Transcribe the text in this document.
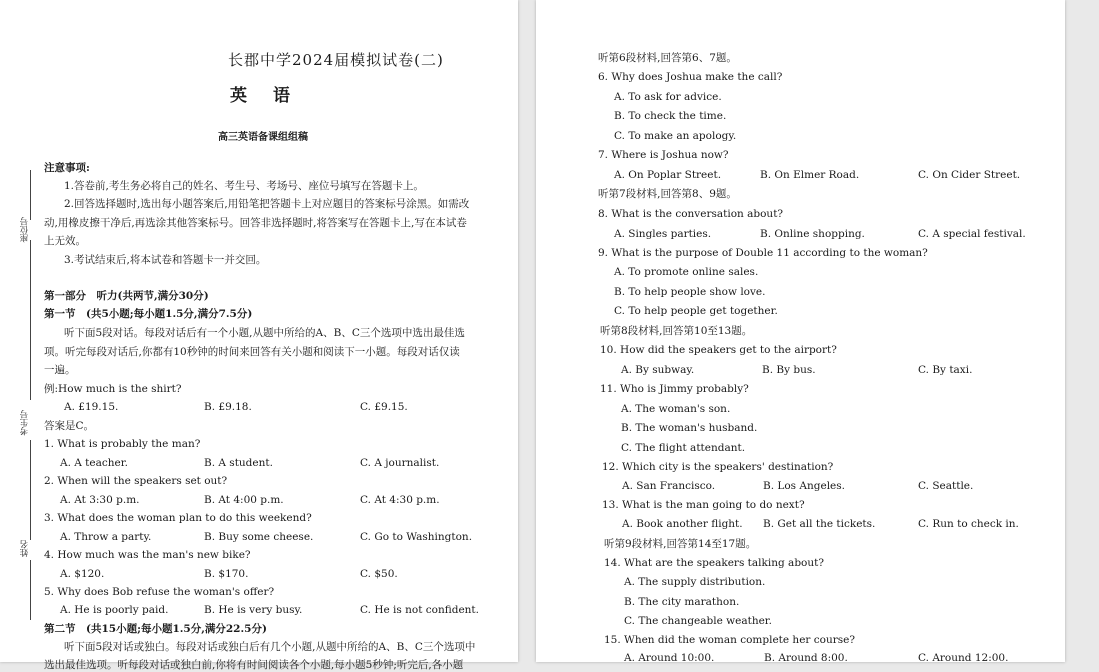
长郡中学2024届模拟试卷(二)
英语
高三英语备课组组稿
座位号
考生号
姓名
注意事项:
1.答卷前,考生务必将自己的姓名、考生号、考场号、座位号填写在答题卡上。
2.回答选择题时,选出每小题答案后,用铅笔把答题卡上对应题目的答案标号涂黑。如需改
动,用橡皮擦干净后,再选涂其他答案标号。回答非选择题时,将答案写在答题卡上,写在本试卷
上无效。
3.考试结束后,将本试卷和答题卡一并交回。
第一部分　听力(共两节,满分30分)
第一节　(共5小题;每小题1.5分,满分7.5分)
听下面5段对话。每段对话后有一个小题,从题中所给的A、B、C三个选项中选出最佳选
项。听完每段对话后,你都有10秒钟的时间来回答有关小题和阅读下一小题。每段对话仅读
一遍。
例:How much is the shirt?
A. £19.15.	B. £9.18.	C. £9.15.
答案是C。
1. What is probably the man?
A. A teacher.	B. A student.	C. A journalist.
2. When will the speakers set out?
A. At 3:30 p.m.	B. At 4:00 p.m.	C. At 4:30 p.m.
3. What does the woman plan to do this weekend?
A. Throw a party.	B. Buy some cheese.	C. Go to Washington.
4. How much was the man's new bike?
A. $120.	B. $170.	C. $50.
5. Why does Bob refuse the woman's offer?
A. He is poorly paid.	B. He is very busy.	C. He is not confident.
第二节　(共15小题;每小题1.5分,满分22.5分)
听下面5段对话或独白。每段对话或独白后有几个小题,从题中所给的A、B、C三个选项中
选出最佳选项。听每段对话或独白前,你将有时间阅读各个小题,每小题5秒钟;听完后,各小题
听第6段材料,回答第6、7题。
6. Why does Joshua make the call?
A. To ask for advice.
B. To check the time.
C. To make an apology.
7. Where is Joshua now?
A. On Poplar Street.	B. On Elmer Road.	C. On Cider Street.
听第7段材料,回答第8、9题。
8. What is the conversation about?
A. Singles parties.	B. Online shopping.	C. A special festival.
9. What is the purpose of Double 11 according to the woman?
A. To promote online sales.
B. To help people show love.
C. To help people get together.
听第8段材料,回答第10至13题。
10. How did the speakers get to the airport?
A. By subway.	B. By bus.	C. By taxi.
11. Who is Jimmy probably?
A. The woman's son.
B. The woman's husband.
C. The flight attendant.
12. Which city is the speakers' destination?
A. San Francisco.	B. Los Angeles.	C. Seattle.
13. What is the man going to do next?
A. Book another flight. B. Get all the tickets.	C. Run to check in.
听第9段材料,回答第14至17题。
14. What are the speakers talking about?
A. The supply distribution.
B. The city marathon.
C. The changeable weather.
15. When did the woman complete her course?
A. Around 10:00.	B. Around 8:00.	C. Around 12:00.
